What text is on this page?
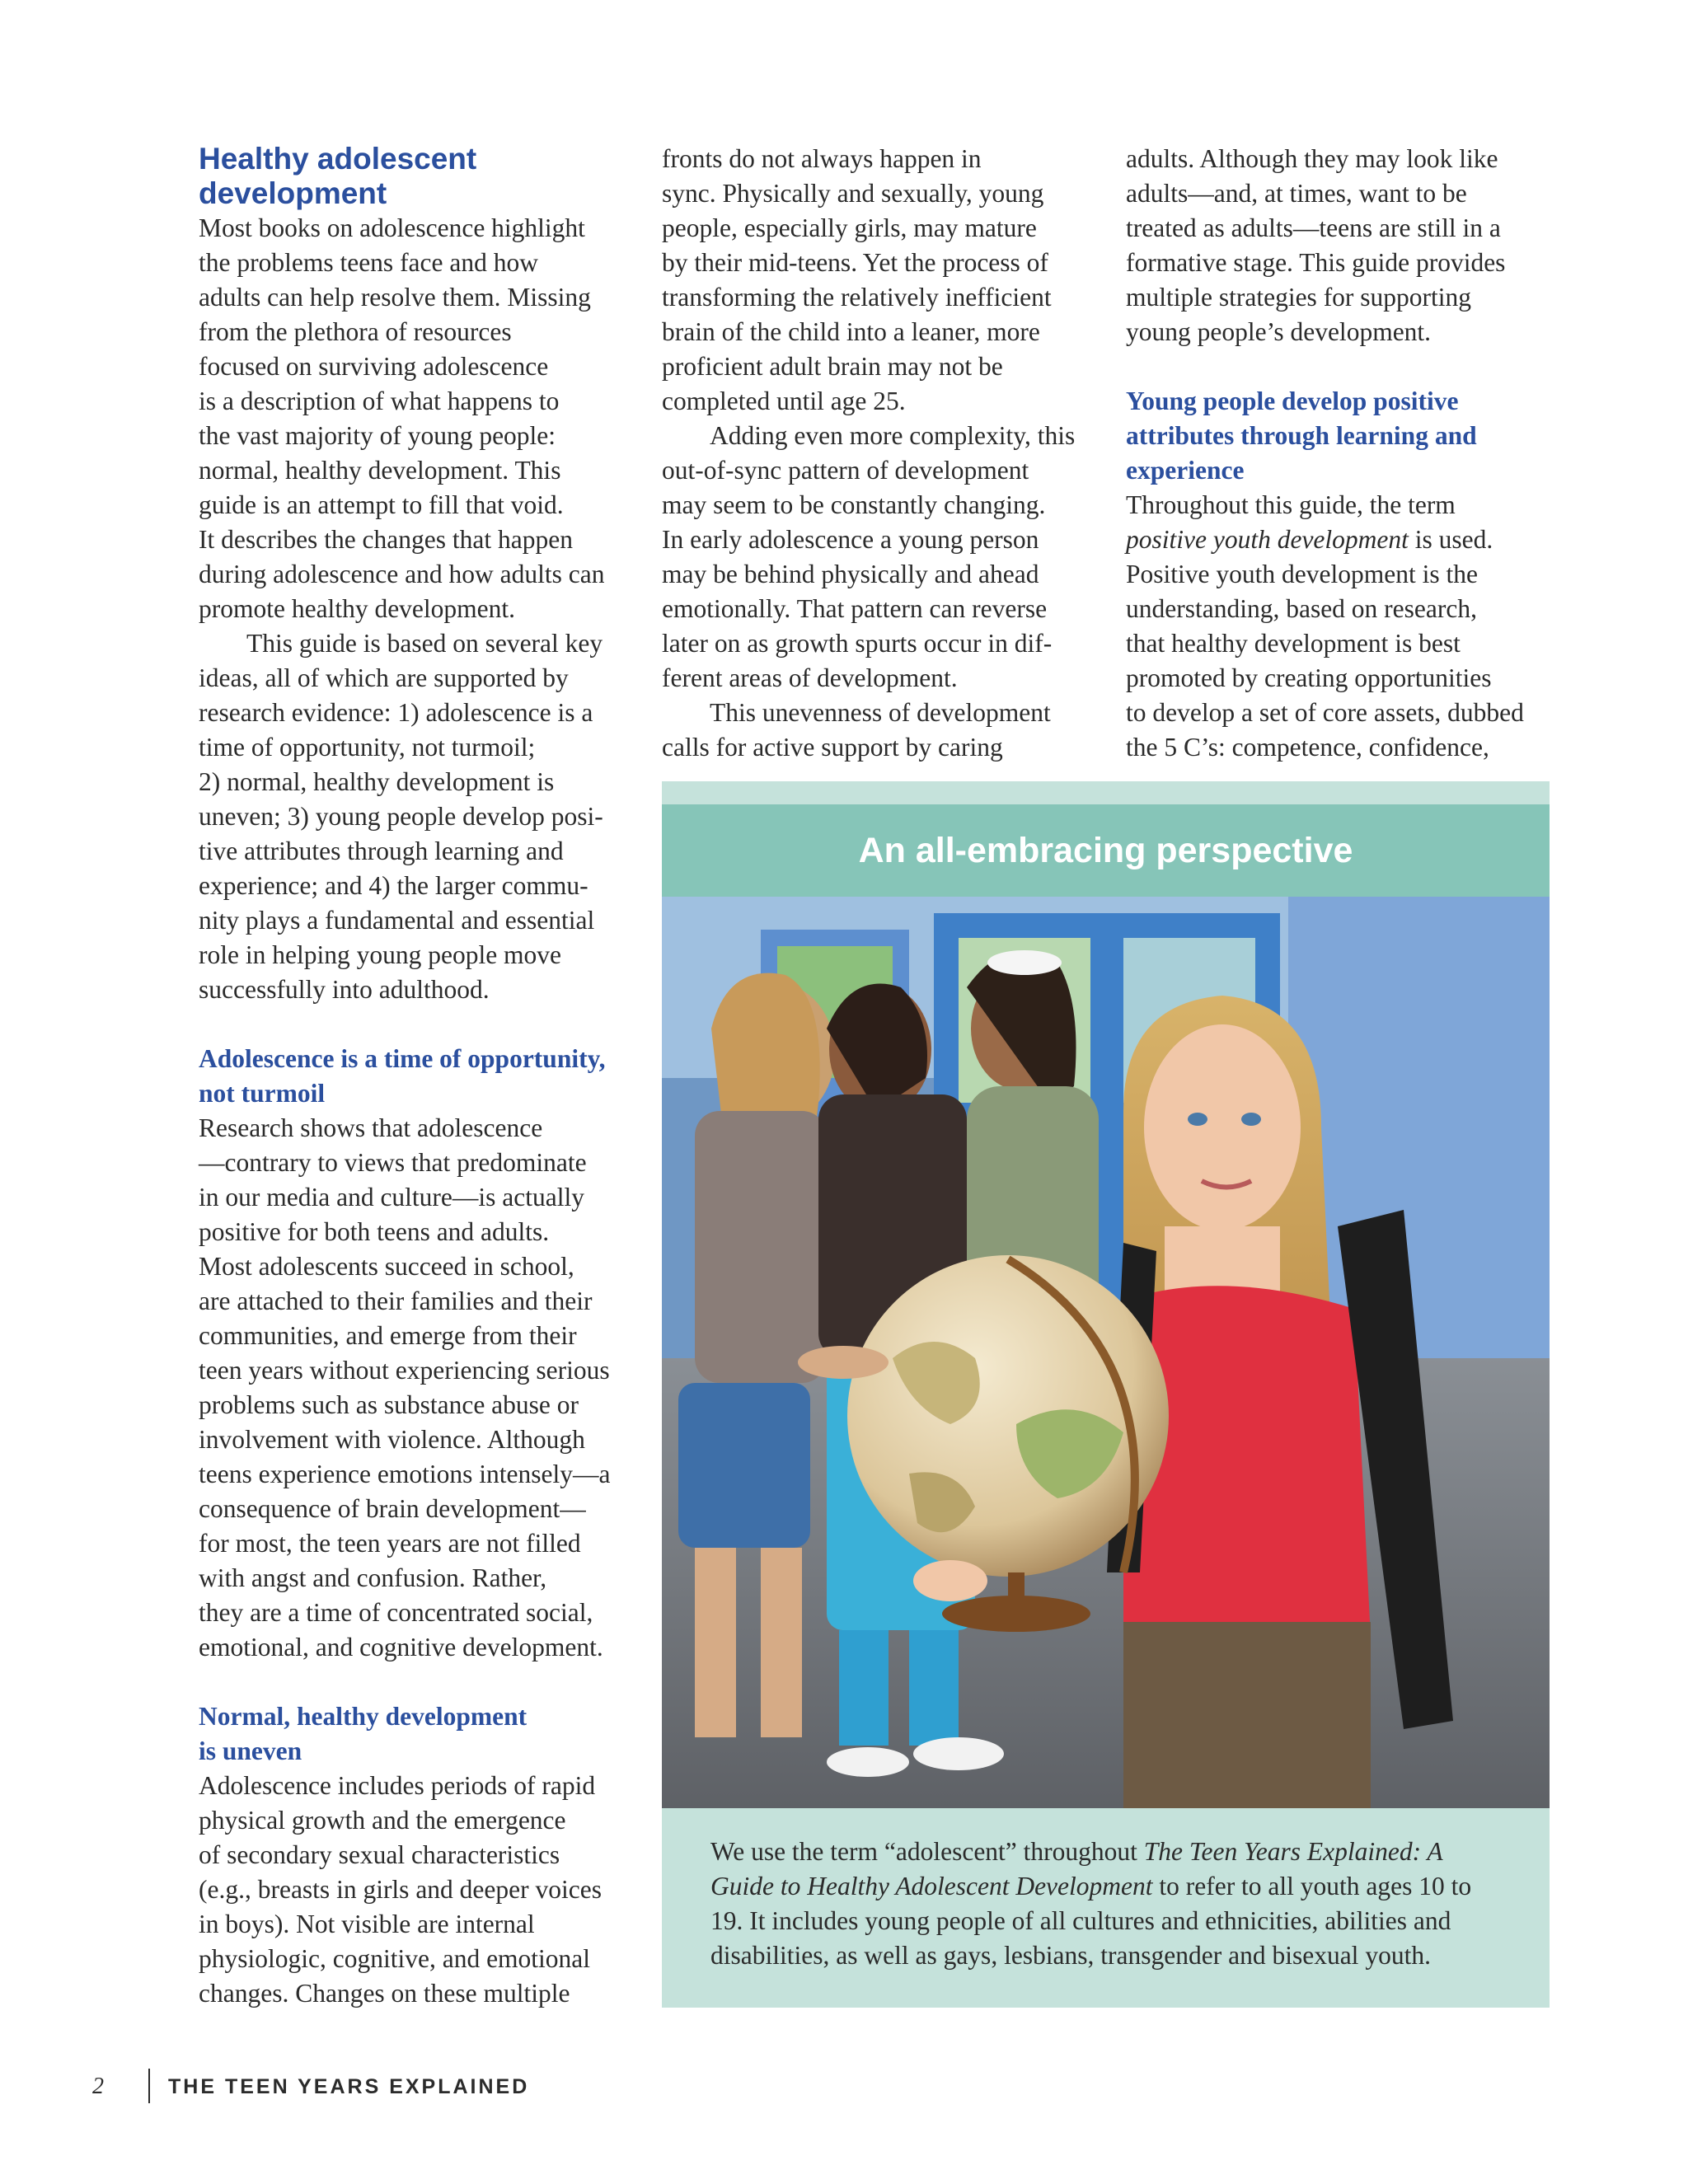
Healthy adolescent
development

Most books on adolescence highlight
the problems teens face and how
adults can help resolve them. Missing
from the plethora of resources
focused on surviving adolescence
is a description of what happens to
the vast majority of young people:
normal, healthy development. This
guide is an attempt to fill that void.
It describes the changes that happen
during adolescence and how adults can
promote healthy development.

This guide is based on several key
ideas, all of which are supported by
research evidence: 1) adolescence is a
time of opportunity, not turmoil;
2) normal, healthy development is
uneven; 3) young people develop posi-
tive attributes through learning and
experience; and 4) the larger commu-
nity plays a fundamental and essential
role in helping young people move
successfully into adulthood.

Adolescence is a time of opportunity,
not turmoil

Research shows that adolescence
—contrary to views that predominate
in our media and culture—is actually
positive for both teens and adults.
Most adolescents succeed in school,
are attached to their families and their
communities, and emerge from their
teen years without experiencing serious
problems such as substance abuse or
involvement with violence. Although
teens experience emotions intensely—a
consequence of brain development—
for most, the teen years are not filled
with angst and confusion. Rather,
they are a time of concentrated social,
emotional, and cognitive development.

Normal, healthy development
is uneven

Adolescence includes periods of rapid
physical growth and the emergence
of secondary sexual characteristics
(e.g., breasts in girls and deeper voices
in boys). Not visible are internal
physiologic, cognitive, and emotional
changes. Changes on these multiple

fronts do not always happen in
sync. Physically and sexually, young
people, especially girls, may mature
by their mid-teens. Yet the process of
transforming the relatively inefficient
brain of the child into a leaner, more
proficient adult brain may not be
completed until age 25.

Adding even more complexity, this
out-of-sync pattern of development
may seem to be constantly changing.
In early adolescence a young person
may be behind physically and ahead
emotionally. That pattern can reverse
later on as growth spurts occur in dif-
ferent areas of development.

This unevenness of development
calls for active support by caring

adults. Although they may look like
adults—and, at times, want to be
treated as adults—teens are still in a
formative stage. This guide provides
multiple strategies for supporting
young people’s development.

Young people develop positive
attributes through learning and
experience

Throughout this guide, the term
positive youth development is used.
Positive youth development is the
understanding, based on research,
that healthy development is best
promoted by creating opportunities
to develop a set of core assets, dubbed
the 5 C’s: competence, confidence,

An all-embracing perspective

We use the term “adolescent” throughout The Teen Years Explained: A Guide to Healthy Adolescent Development to refer to all youth ages 10 to 19. It includes young people of all cultures and ethnicities, abilities and disabilities, as well as gays, lesbians, transgender and bisexual youth.

2	THE TEEN YEARS EXPLAINED
